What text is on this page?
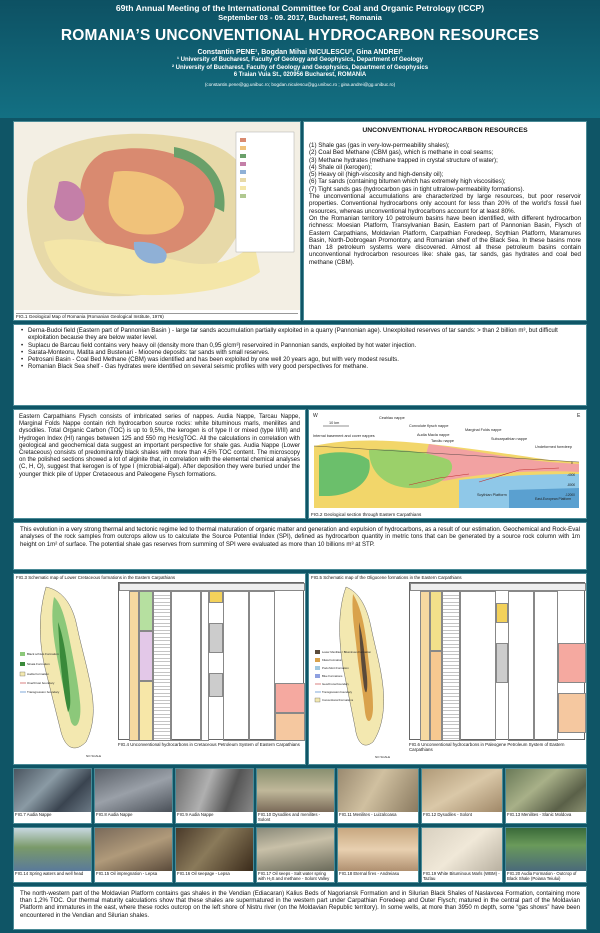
69th Annual Meeting of the International Committee for Coal and Organic Petrology (ICCP)
September 03 - 09. 2017, Bucharest, Romania
ROMANIA’S UNCONVENTIONAL HYDROCARBON RESOURCES
Constantin PENE¹, Bogdan Mihai NICULESCU², Gina ANDREI²
¹ University of Bucharest, Faculty of Geology and Geophysics, Department of Geology
² University of Bucharest, Faculty of Geology and Geophysics, Department of Geophysics
6 Traian Vuia St., 020956 Bucharest, ROMANIA
(constantin.pene@gg.unibuc.ro; bogdan.niculescu@gg.unibuc.ro ; gina.andrei@gg.unibuc.ro)
FIG.1 Geological Map of Romania (Romanian Geological Institute, 1976)
UNCONVENTIONAL HYDROCARBON RESOURCES
(1) Shale gas (gas in very-low-permeability shales);
(2) Coal Bed Methane (CBM gas), which is methane in coal seams;
(3) Methane hydrates (methane trapped in crystal structure of water);
(4) Shale oil (kerogen);
(5) Heavy oil (high-viscosity and high-density oil);
(6) Tar sands (containing bitumen which has extremely high viscosities);
(7) Tight sands gas (hydrocarbon gas in tight ultralow-permeability formations).
The unconventional accumulations are characterized by large resources, but poor reservoir properties. Conventional hydrocarbons only account for less than 20% of the world’s fossil fuel resources, whereas unconventional hydrocarbons account for at least 80%.
On the Romanian territory 10 petroleum basins have been identified, with different hydrocarbon richness: Moesian Platform, Transylvanian Basin, Eastern part of Pannonian Basin, Flysch of Eastern Carpathians, Moldavian Platform, Carpathian Foredeep, Scythian Platform, Maramures Basin, North-Dobrogean Promontory, and Romanian shelf of the Black Sea. In these basins more than 18 petroleum systems were discovered. Almost all these petroleum basins contain unconventional hydrocarbon resources like: shale gas, tar sands, gas hydrates and coal bed methane (CBM).
• Derna-Budoi field (Eastern part of Pannonian Basin ) - large tar sands accumulation partially exploited in a quarry (Pannonian age). Unexploited reserves of tar sands: > than 2 billion m³, but difficult exploitation because they are below water level.
• Suplacu de Barcau field contains very heavy oil (density more than 0,95 g/cm³) reservoired in Pannonian sands, exploited by hot water injection.
• Sarata-Monteoru, Matita and Bustenari - Miocene deposits: tar sands with small reserves.
• Petrosani Basin - Coal Bed Methane (CBM) was identified and has been exploited by one well 20 years ago, but with very modest results.
• Romanian Black Sea shelf - Gas hydrates were identified on several seismic profiles with very good perspectives for methane.
Eastern Carpathians Flysch consists of imbricated series of nappes. Audia Nappe, Tarcau Nappe, Marginal Folds Nappe contain rich hydrocarbon source rocks: white bituminous marls, menilites and dysodiles. Total Organic Carbon (TOC) is up to 9,5%, the kerogen is of type II or mixed (type II/III) and Hydrogen Index (HI) ranges between 125 and 550 mg Hcs/gTOC. All the calculations in correlation with geological and geochemical data suggest an important perspective for shale gas. Audia Nappe (Lower Cretaceous) consists of predominantly black shales with more than 4,5% TOC content. The microscopy on the polished sections showed a lot of alginite that, in correlation with the elemental chemical analyses (C, H, O), suggest that kerogen is of type I (microbial-algal). After deposition they were buried under the younger thick pile of Upper Cretaceous and Paleogene Flysch formations.
W	E
10 km
Ceahlau nappe
Convolute flysch nappe
Marginal Folds nappe
Internal basement and cover nappes	Audia Macla nappe
Tarcău nappe	Subcarpathian nappe
Undeformed foredeep
Scythian Platform
East-European Platform
0
-4000
-8000
-12000
FIG.2 Geological section through Eastern Carpathians
This evolution in a very strong thermal and tectonic regime led to thermal maturation of organic matter and generation and expulsion of hydrocarbons, as a result of our estimation. Geochemical and Rock-Eval analyses of the rock samples from outcrops allow us to calculate the Source Potential Index (SPI), defined as hydrocarbon quantity in metric tons that can be generated by a source rock column with 1m height on 1m² of surface. The potential shale gas reserves from summing of SPI were evaluated as more than 10 billions m³ at STP.
FIG.3 Schematic map of Lower Cretaceous formations in the Eastern Carpathians
Black schists Formation
Sinaia Formation
Audia Formation
Overthrust boundary
Transgression boundary
NO SCALE
FIG.4 Unconventional hydrocarbons in Cretaceous Petroleum System of Eastern Carpathians
FIG.5 Schematic map of the Oligocene formations in the Eastern Carpathians
Lower Menilites / Bituminous Formation
Kliwa Formation
Podu Morii Formation
Blue Formations
Geochronal boundary
Transgression boundary
Conventional Formations
NO SCALE
FIG.6 Unconventional hydrocarbons in Paleogene Petroleum System of Eastern Carpathians
FIG.7 Audia Nappe	FIG.8 Audia Nappe	FIG.9 Audia Nappe	FIG.10 Dysodiles and menilites - Solont
FIG.11 Menilites - Luizalcoasa	FIG.12 Dysodiles - Solont	FIG.13 Menilites - Slanic Moldova
FIG.14 Spring waters and well head	FIG.15 Oil impregnation - Lepsa	FIG.16 Oil seepage - Lepsa	FIG.17 Oil seeps - Salt water spring with H₂S and methane - Solont Valley
FIG.18 Eternal fires - Andreiasu	FIG.19 White Bituminous Marls (WBM) - Tazlau
FIG.20 Audia Formation - Outcrop of Black Shale (Poiana Teiului)
The north-western part of the Moldavian Platform contains gas shales in the Vendian (Ediacaran) Kalius Beds of Nagoriansk Formation and in Silurian Black Shales of Naslavcea Formation, containing more than 1,2% TOC. Our thermal maturity calculations show that these shales are supermatured in the western part under Carpathian Foredeep and Outer Flysch; matured in the central part of the Moldavian Platform and immatures in the east, where these rocks outcrop on the left shore of Nistru river (on the Moldavian Republic territory). In some wells, at more than 3950 m depth, some “gas shows” have been encountered in the Vendian and Silurian shales.
